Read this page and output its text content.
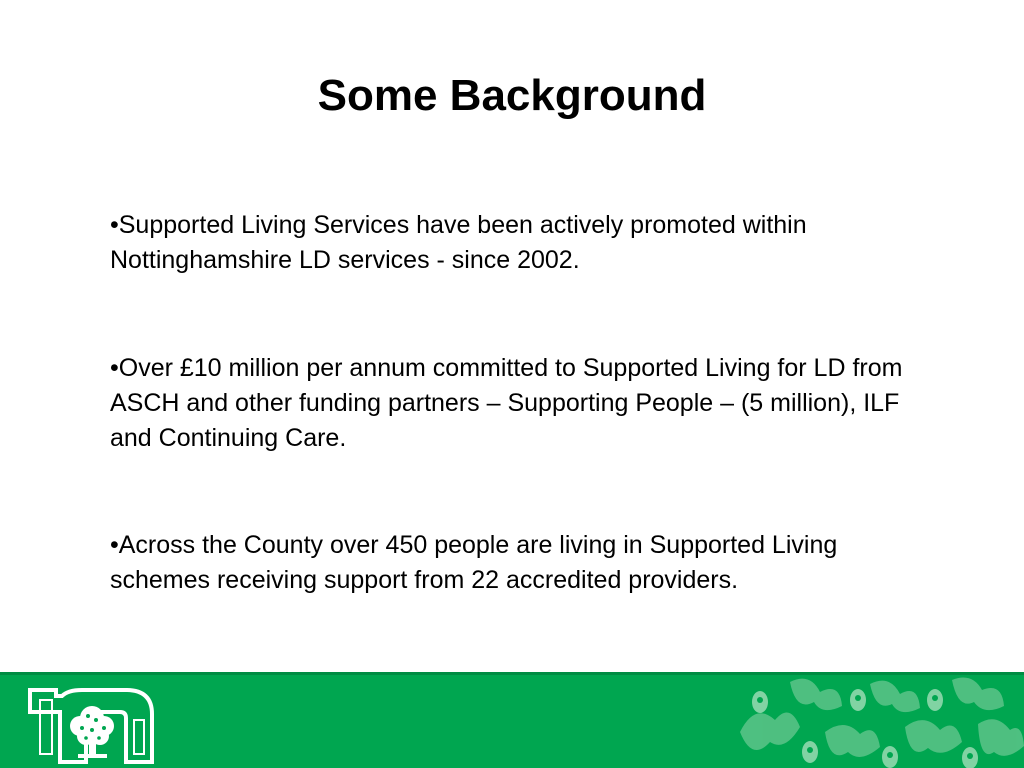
Some Background
•Supported Living Services have been actively promoted within Nottinghamshire LD services - since 2002.
•Over £10 million per annum committed to Supported Living for LD from ASCH and other funding partners – Supporting People – (5 million), ILF and Continuing Care.
•Across the County over 450 people are living in Supported Living schemes receiving support from 22 accredited providers.
